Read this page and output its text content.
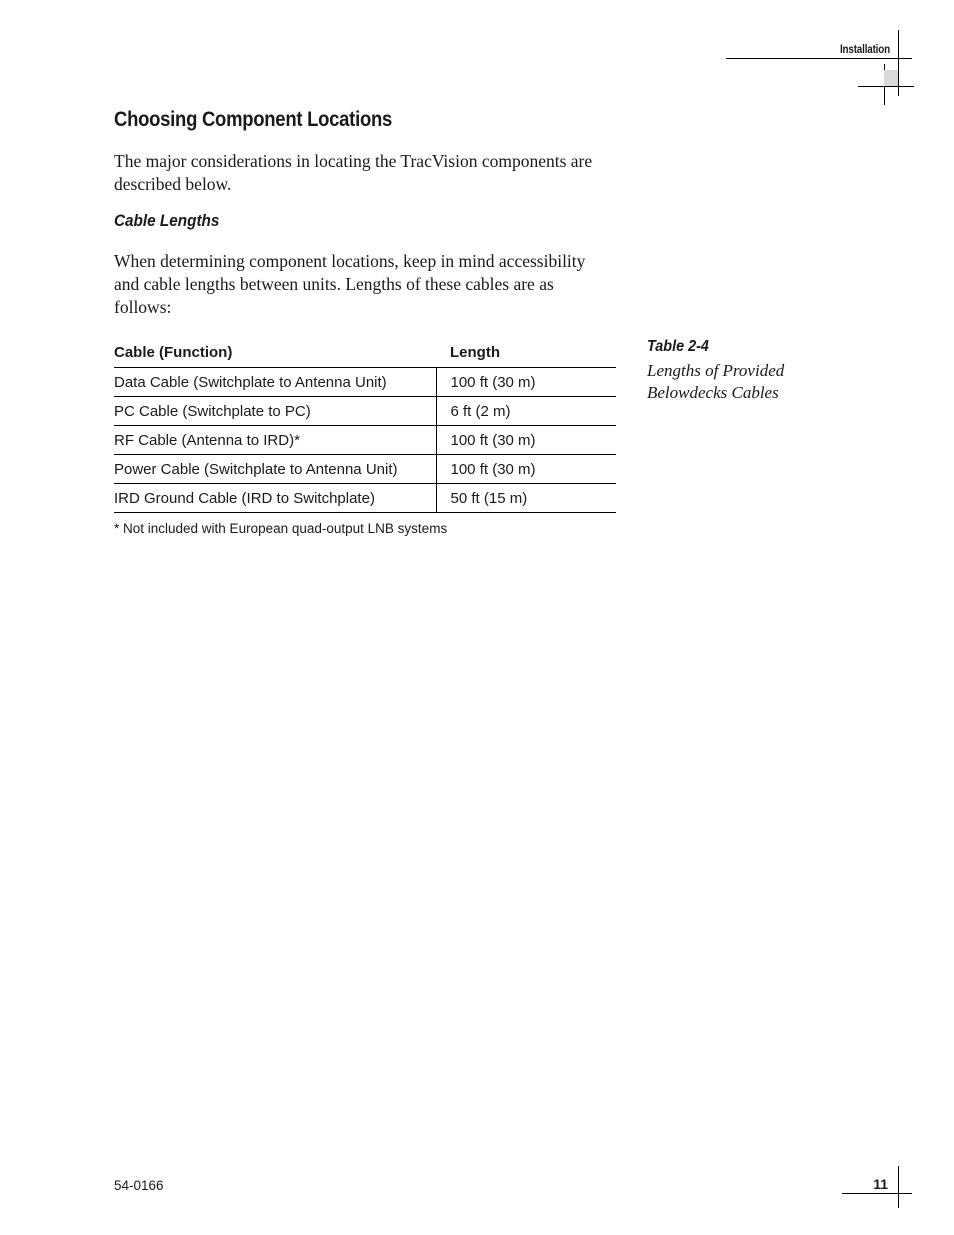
Installation
Choosing Component Locations

The major considerations in locating the TracVision components are described below.

Cable Lengths

When determining component locations, keep in mind accessibility and cable lengths between units. Lengths of these cables are as follows:

Cable (Function)	Length
Data Cable (Switchplate to Antenna Unit)	100 ft (30 m)
PC Cable (Switchplate to PC)	6 ft (2 m)
RF Cable (Antenna to IRD)*	100 ft (30 m)
Power Cable (Switchplate to Antenna Unit)	100 ft (30 m)
IRD Ground Cable (IRD to Switchplate)	50 ft (15 m)
* Not included with European quad-output LNB systems
Table 2-4
Lengths of Provided Belowdecks Cables
54-0166	11
